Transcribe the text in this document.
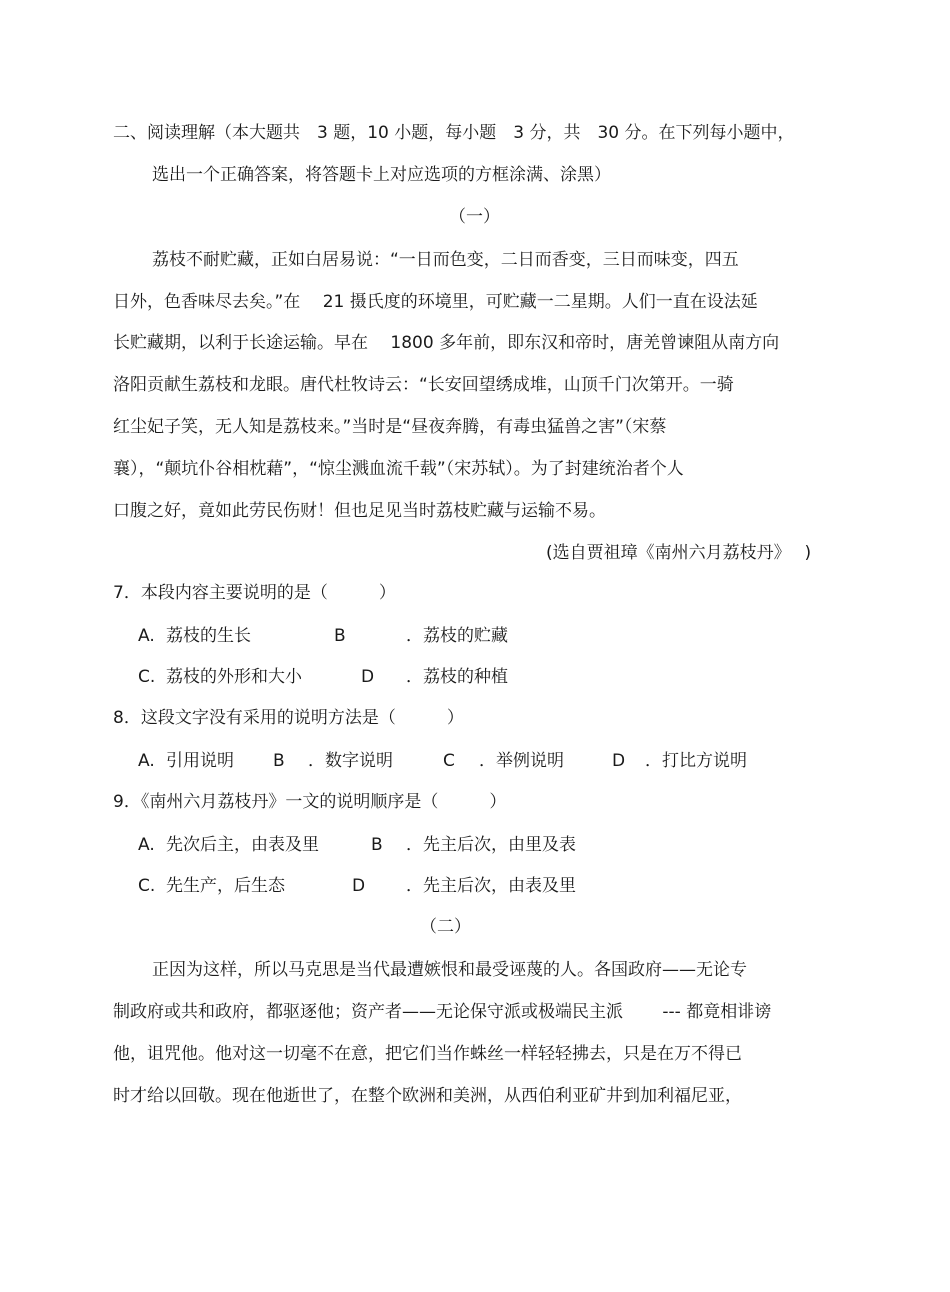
二、阅读理解（本大题共　3 题，10 小题，每小题　3 分，共　30 分。在下列每小题中，
选出一个正确答案，将答题卡上对应选项的方框涂满、涂黑）
（一）
荔枝不耐贮藏，正如白居易说：“一日而色变，二日而香变，三日而味变，四五
日外，色香味尽去矣。”在　 21 摄氏度的环境里，可贮藏一二星期。人们一直在设法延
长贮藏期，以利于长途运输。早在　 1800 多年前，即东汉和帝时，唐羌曾谏阻从南方向
洛阳贡献生荔枝和龙眼。唐代杜牧诗云：“长安回望绣成堆，山顶千门次第开。一骑
红尘妃子笑，无人知是荔枝来。”当时是“昼夜奔腾，有毒虫猛兽之害”（宋蔡
襄），“颠坑仆谷相枕藉”，“惊尘溅血流千载”（宋苏轼）。为了封建统治者个人
口腹之好，竟如此劳民伤财！但也足见当时荔枝贮藏与运输不易。
(选自贾祖璋《南州六月荔枝丹》　 )
7．本段内容主要说明的是（　　　）
A. 荔枝的生长	B	．荔枝的贮藏
C. 荔枝的外形和大小	D ．荔枝的种植
8．这段文字没有采用的说明方法是（　　　）
A. 引用说明 B ．数字说明	C ．举例说明	D ．打比方说明
9．《南州六月荔枝丹》一文的说明顺序是（　　　）
A. 先次后主，由表及里	B ．先主后次，由里及表
C. 先生产，后生态	D ．先主后次，由表及里
（二）
正因为这样，所以马克思是当代最遭嫉恨和最受诬蔑的人。各国政府——无论专
制政府或共和政府，都驱逐他；资产者——无论保守派或极端民主派　　 --- 都竟相诽谤
他，诅咒他。他对这一切毫不在意，把它们当作蛛丝一样轻轻拂去，只是在万不得已
时才给以回敬。现在他逝世了，在整个欧洲和美洲，从西伯利亚矿井到加利福尼亚，
